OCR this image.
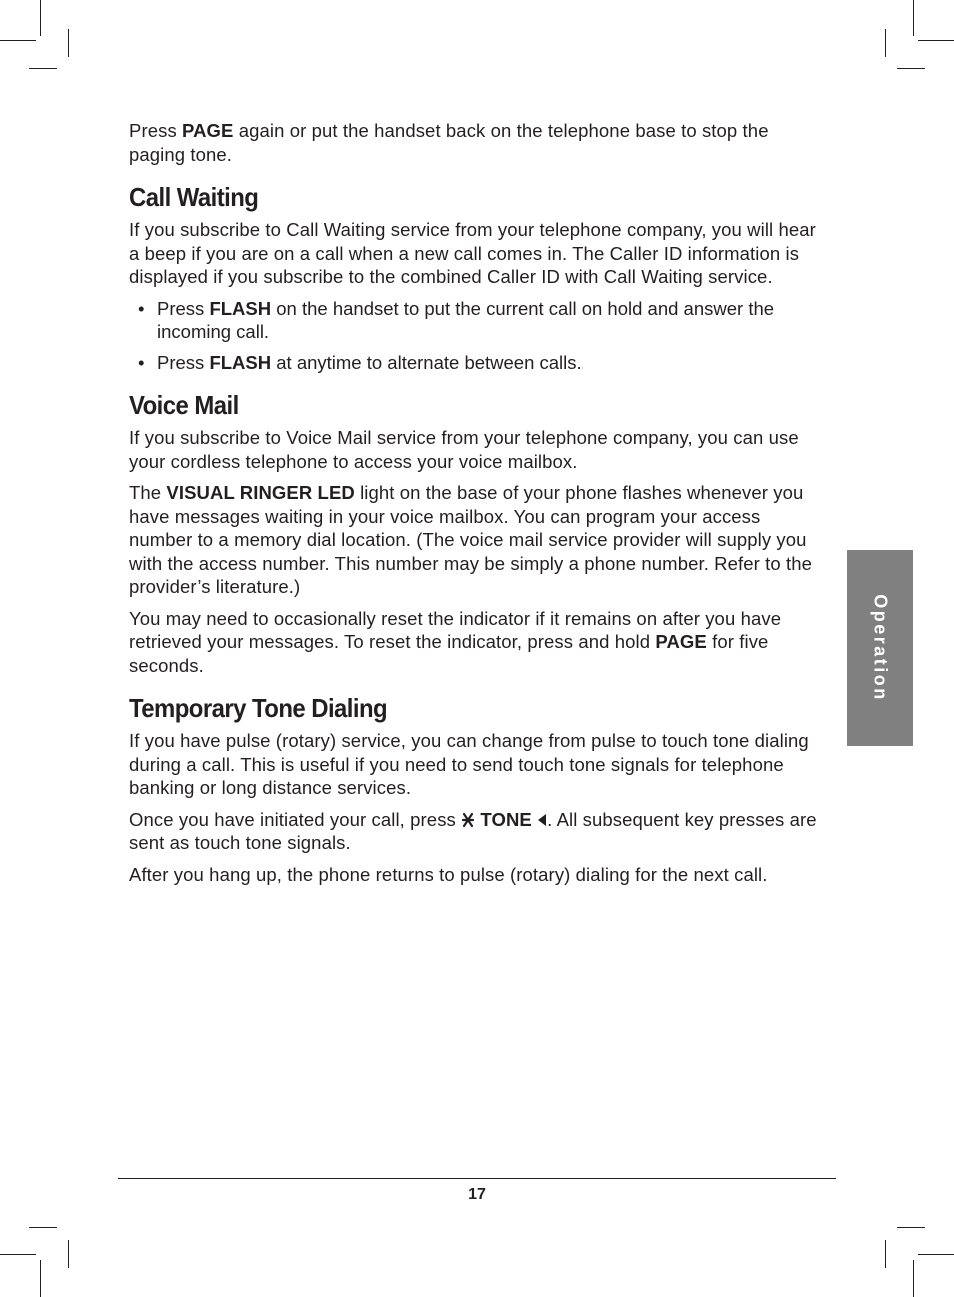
Press PAGE again or put the handset back on the telephone base to stop the paging tone.

Call Waiting

If you subscribe to Call Waiting service from your telephone company, you will hear a beep if you are on a call when a new call comes in. The Caller ID information is displayed if you subscribe to the combined Caller ID with Call Waiting service.

• Press FLASH on the handset to put the current call on hold and answer the incoming call.
• Press FLASH at anytime to alternate between calls.
Voice Mail

If you subscribe to Voice Mail service from your telephone company, you can use your cordless telephone to access your voice mailbox.

The VISUAL RINGER LED light on the base of your phone flashes whenever you have messages waiting in your voice mailbox. You can program your access number to a memory dial location. (The voice mail service provider will supply you with the access number. This number may be simply a phone number. Refer to the provider’s literature.)

You may need to occasionally reset the indicator if it remains on after you have retrieved your messages. To reset the indicator, press and hold PAGE for five seconds.

Temporary Tone Dialing

If you have pulse (rotary) service, you can change from pulse to touch tone dialing during a call. This is useful if you need to send touch tone signals for telephone banking or long distance services.

Once you have initiated your call, press  TONE . All subsequent key presses are sent as touch tone signals.

After you hang up, the phone returns to pulse (rotary) dialing for the next call.

Operation
17
